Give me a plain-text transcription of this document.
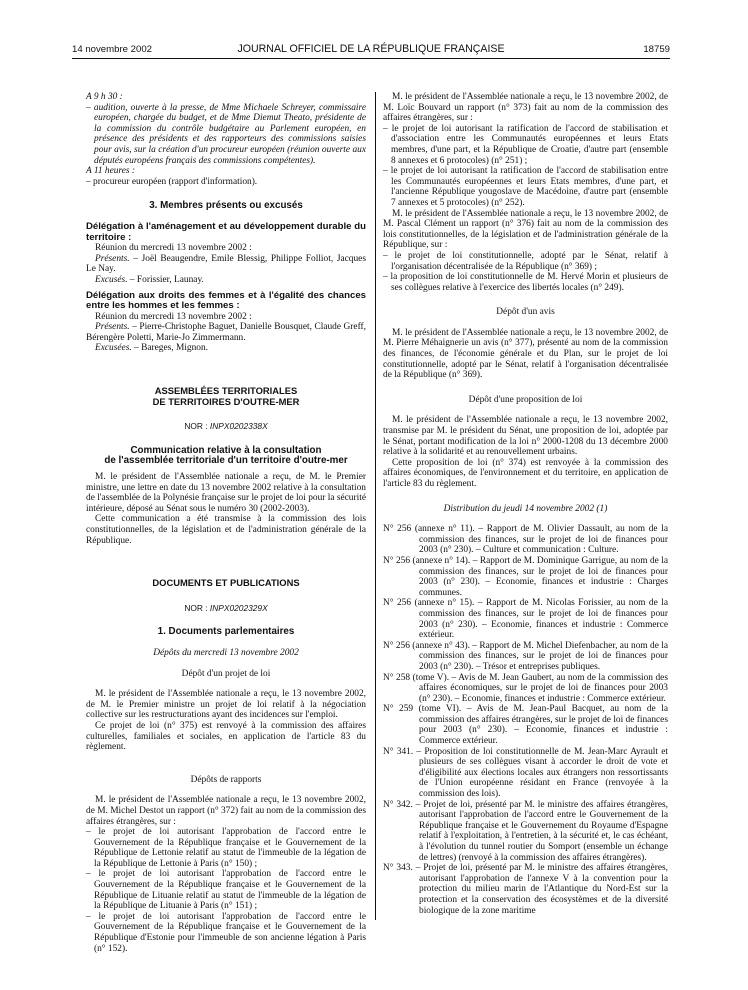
14 novembre 2002	JOURNAL OFFICIEL DE LA RÉPUBLIQUE FRANÇAISE	18759

A 9 h 30 :

– audition, ouverte à la presse, de Mme Michaele Schreyer, commissaire européen, chargée du budget, et de Mme Diemut Theato, présidente de la commission du contrôle budgétaire au Parlement européen, en présence des présidents et des rapporteurs des commissions saisies pour avis, sur la création d'un procureur européen (réunion ouverte aux députés européens français des commissions compétentes).

A 11 heures :

– procureur européen (rapport d'information).

3. Membres présents ou excusés

Délégation à l'aménagement et au développement durable du territoire :

Réunion du mercredi 13 novembre 2002 :

Présents. – Joël Beaugendre, Emile Blessig, Philippe Folliot, Jacques Le Nay.

Excusés. – Forissier, Launay.

Délégation aux droits des femmes et à l'égalité des chances entre les hommes et les femmes :

Réunion du mercredi 13 novembre 2002 :

Présents. – Pierre-Christophe Baguet, Danielle Bousquet, Claude Greff, Bérengère Poletti, Marie-Jo Zimmermann.

Excusées. – Bareges, Mignon.

ASSEMBLÉES TERRITORIALES

DE TERRITOIRES D'OUTRE-MER

NOR : INPX0202338X

Communication relative à la consultation

de l'assemblée territoriale d'un territoire d'outre-mer

M. le président de l'Assemblée nationale a reçu, de M. le Premier ministre, une lettre en date du 13 novembre 2002 relative à la consultation de l'assemblée de la Polynésie française sur le projet de loi pour la sécurité intérieure, déposé au Sénat sous le numéro 30 (2002-2003).

Cette communication a été transmise à la commission des lois constitutionnelles, de la législation et de l'administration générale de la République.

DOCUMENTS ET PUBLICATIONS

NOR : INPX0202329X

1. Documents parlementaires

Dépôts du mercredi 13 novembre 2002

Dépôt d'un projet de loi

M. le président de l'Assemblée nationale a reçu, le 13 novembre 2002, de M. le Premier ministre un projet de loi relatif à la négociation collective sur les restructurations ayant des incidences sur l'emploi.

Ce projet de loi (n° 375) est renvoyé à la commission des affaires culturelles, familiales et sociales, en application de l'article 83 du règlement.

Dépôts de rapports

M. le président de l'Assemblée nationale a reçu, le 13 novembre 2002, de M. Michel Destot un rapport (n° 372) fait au nom de la commission des affaires étrangères, sur :

– le projet de loi autorisant l'approbation de l'accord entre le Gouvernement de la République française et le Gouvernement de la République de Lettonie relatif au statut de l'immeuble de la légation de la République de Lettonie à Paris (n° 150) ;

– le projet de loi autorisant l'approbation de l'accord entre le Gouvernement de la République française et le Gouvernement de la République de Lituanie relatif au statut de l'immeuble de la légation de la République de Lituanie à Paris (n° 151) ;

– le projet de loi autorisant l'approbation de l'accord entre le Gouvernement de la République française et le Gouvernement de la République d'Estonie pour l'immeuble de son ancienne légation à Paris (n° 152).

M. le président de l'Assemblée nationale a reçu, le 13 novembre 2002, de M. Loïc Bouvard un rapport (n° 373) fait au nom de la commission des affaires étrangères, sur :

– le projet de loi autorisant la ratification de l'accord de stabilisation et d'association entre les Communautés européennes et leurs Etats membres, d'une part, et la République de Croatie, d'autre part (ensemble 8 annexes et 6 protocoles) (n° 251) ;

– le projet de loi autorisant la ratification de l'accord de stabilisation entre les Communautés européennes et leurs Etats membres, d'une part, et l'ancienne République yougoslave de Macédoine, d'autre part (ensemble 7 annexes et 5 protocoles) (n° 252).

M. le président de l'Assemblée nationale a reçu, le 13 novembre 2002, de M. Pascal Clément un rapport (n° 376) fait au nom de la commission des lois constitutionnelles, de la législation et de l'administration générale de la République, sur :

– le projet de loi constitutionnelle, adopté par le Sénat, relatif à l'organisation décentralisée de la République (n° 369) ;

– la proposition de loi constitutionnelle de M. Hervé Morin et plusieurs de ses collègues relative à l'exercice des libertés locales (n° 249).

Dépôt d'un avis

M. le président de l'Assemblée nationale a reçu, le 13 novembre 2002, de M. Pierre Méhaignerie un avis (n° 377), présenté au nom de la commission des finances, de l'économie générale et du Plan, sur le projet de loi constitutionnelle, adopté par le Sénat, relatif à l'organisation décentralisée de la République (n° 369).

Dépôt d'une proposition de loi

M. le président de l'Assemblée nationale a reçu, le 13 novembre 2002, transmise par M. le président du Sénat, une proposition de loi, adoptée par le Sénat, portant modification de la loi n° 2000-1208 du 13 décembre 2000 relative à la solidarité et au renouvellement urbains.

Cette proposition de loi (n° 374) est renvoyée à la commission des affaires économiques, de l'environnement et du territoire, en application de l'article 83 du règlement.

Distribution du jeudi 14 novembre 2002 (1)

N° 256 (annexe n° 11). – Rapport de M. Olivier Dassault, au nom de la commission des finances, sur le projet de loi de finances pour 2003 (n° 230). – Culture et communication : Culture.

N° 256 (annexe n° 14). – Rapport de M. Dominique Garrigue, au nom de la commission des finances, sur le projet de loi de finances pour 2003 (n° 230). – Economie, finances et industrie : Charges communes.

N° 256 (annexe n° 15). – Rapport de M. Nicolas Forissier, au nom de la commission des finances, sur le projet de loi de finances pour 2003 (n° 230). – Economie, finances et industrie : Commerce extérieur.

N° 256 (annexe n° 43). – Rapport de M. Michel Diefenbacher, au nom de la commission des finances, sur le projet de loi de finances pour 2003 (n° 230). – Trésor et entreprises publiques.

N° 258 (tome V). – Avis de M. Jean Gaubert, au nom de la commission des affaires économiques, sur le projet de loi de finances pour 2003 (n° 230). – Economie, finances et industrie : Commerce extérieur.

N° 259 (tome VI). – Avis de M. Jean-Paul Bacquet, au nom de la commission des affaires étrangères, sur le projet de loi de finances pour 2003 (n° 230). – Economie, finances et industrie : Commerce extérieur.

N° 341. – Proposition de loi constitutionnelle de M. Jean-Marc Ayrault et plusieurs de ses collègues visant à accorder le droit de vote et d'éligibilité aux élections locales aux étrangers non ressortissants de l'Union européenne résidant en France (renvoyée à la commission des lois).

N° 342. – Projet de loi, présenté par M. le ministre des affaires étrangères, autorisant l'approbation de l'accord entre le Gouvernement de la République française et le Gouvernement du Royaume d'Espagne relatif à l'exploitation, à l'entretien, à la sécurité et, le cas échéant, à l'évolution du tunnel routier du Somport (ensemble un échange de lettres) (renvoyé à la commission des affaires étrangères).

N° 343. – Projet de loi, présenté par M. le ministre des affaires étrangères, autorisant l'approbation de l'annexe V à la convention pour la protection du milieu marin de l'Atlantique du Nord-Est sur la protection et la conservation des écosystèmes et de la diversité biologique de la zone maritime
